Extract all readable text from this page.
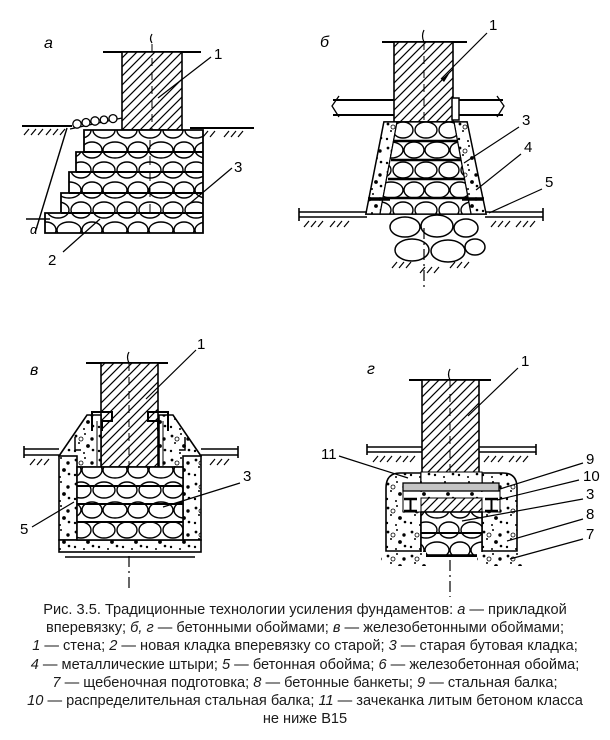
а
α
1
2
3
б
1
3
4
5
в
1
3
5
г	1
11	9
10
3
8
7
Рис. 3.5. Традиционные технологии усиления фундаментов: а — прикладкой
вперевязку; б, г — бетонными обоймами; в — железобетонными обоймами;
1 — стена; 2 — новая кладка вперевязку со старой; 3 — старая бутовая кладка;
4 — металлические штыри; 5 — бетонная обойма; 6 — железобетонная обойма;
7 — щебеночная подготовка; 8 — бетонные банкеты; 9 — стальная балка;
10 — распределительная стальная балка; 11 — зачеканка литым бетоном класса
не ниже В15
